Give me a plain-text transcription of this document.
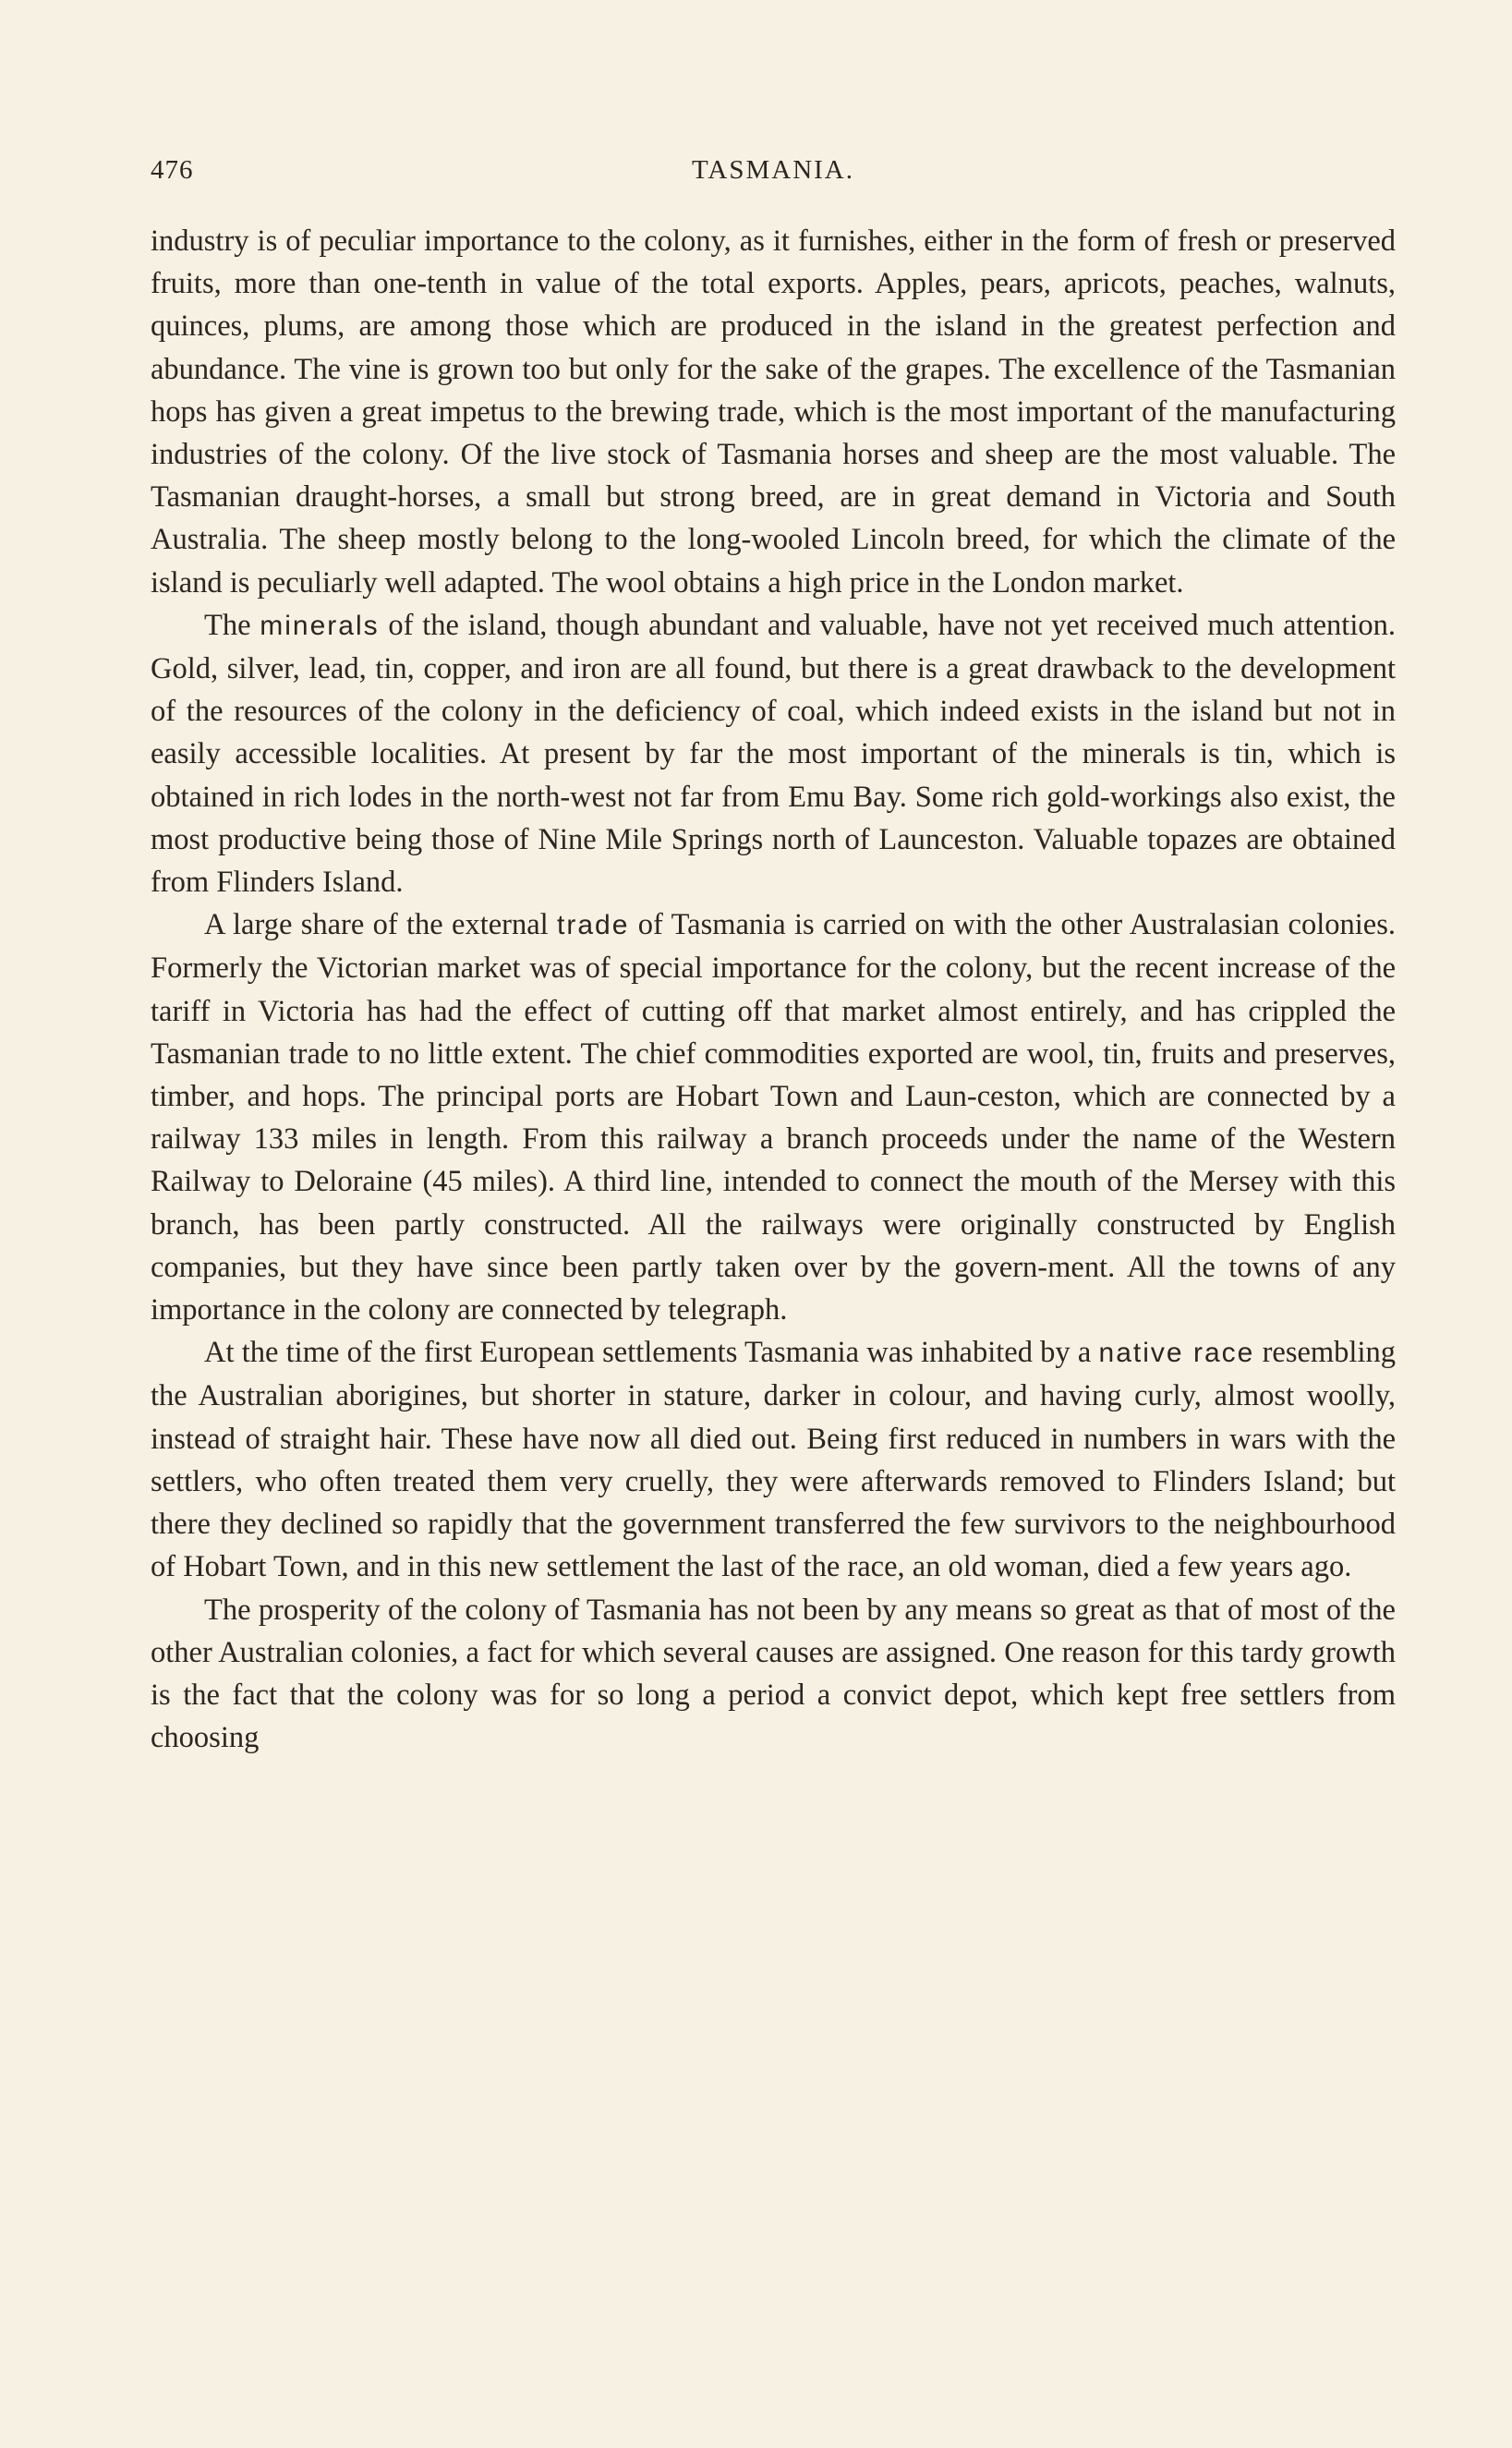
476	TASMANIA.

industry is of peculiar importance to the colony, as it furnishes, either in the form of fresh or preserved fruits, more than one-tenth in value of the total exports. Apples, pears, apricots, peaches, walnuts, quinces, plums, are among those which are produced in the island in the greatest perfection and abundance. The vine is grown too but only for the sake of the grapes. The excellence of the Tasmanian hops has given a great impetus to the brewing trade, which is the most important of the manufacturing industries of the colony. Of the live stock of Tasmania horses and sheep are the most valuable. The Tasmanian draught-horses, a small but strong breed, are in great demand in Victoria and South Australia. The sheep mostly belong to the long-wooled Lincoln breed, for which the climate of the island is peculiarly well adapted. The wool obtains a high price in the London market.

The minerals of the island, though abundant and valuable, have not yet received much attention. Gold, silver, lead, tin, copper, and iron are all found, but there is a great drawback to the development of the resources of the colony in the deficiency of coal, which indeed exists in the island but not in easily accessible localities. At present by far the most important of the minerals is tin, which is obtained in rich lodes in the north-west not far from Emu Bay. Some rich gold-workings also exist, the most productive being those of Nine Mile Springs north of Launceston. Valuable topazes are obtained from Flinders Island.

A large share of the external trade of Tasmania is carried on with the other Australasian colonies. Formerly the Victorian market was of special importance for the colony, but the recent increase of the tariff in Victoria has had the effect of cutting off that market almost entirely, and has crippled the Tasmanian trade to no little extent. The chief commodities exported are wool, tin, fruits and preserves, timber, and hops. The principal ports are Hobart Town and Laun-ceston, which are connected by a railway 133 miles in length. From this railway a branch proceeds under the name of the Western Railway to Deloraine (45 miles). A third line, intended to connect the mouth of the Mersey with this branch, has been partly constructed. All the railways were originally constructed by English companies, but they have since been partly taken over by the govern-ment. All the towns of any importance in the colony are connected by telegraph.

At the time of the first European settlements Tasmania was inhabited by a native race resembling the Australian aborigines, but shorter in stature, darker in colour, and having curly, almost woolly, instead of straight hair. These have now all died out. Being first reduced in numbers in wars with the settlers, who often treated them very cruelly, they were afterwards removed to Flinders Island; but there they declined so rapidly that the government transferred the few survivors to the neighbourhood of Hobart Town, and in this new settlement the last of the race, an old woman, died a few years ago.

The prosperity of the colony of Tasmania has not been by any means so great as that of most of the other Australian colonies, a fact for which several causes are assigned. One reason for this tardy growth is the fact that the colony was for so long a period a convict depot, which kept free settlers from choosing
